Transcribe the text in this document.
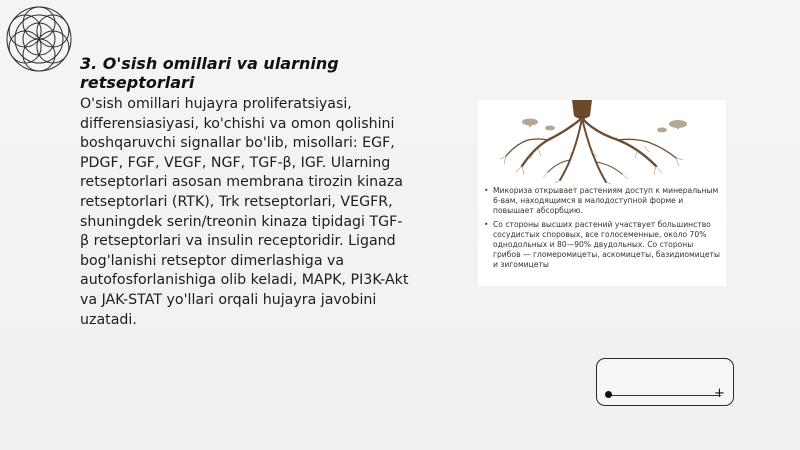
3. O'sish omillari va ularning retseptorlari

O'sish omillari hujayra proliferatsiyasi, differensiasiyasi, ko'chishi va omon qolishini boshqaruvchi signallar bo'lib, misollari: EGF, PDGF, FGF, VEGF, NGF, TGF-β, IGF. Ularning retseptorlari asosan membrana tirozin kinaza retseptorlari (RTK), Trk retseptorlari, VEGFR, shuningdek serin/treonin kinaza tipidagi TGF-β retseptorlari va insulin receptoridir. Ligand bog'lanishi retseptor dimerlashiga va autofosforlanishiga olib keladi, MAPK, PI3K-Akt va JAK-STAT yo'llari orqali hujayra javobini uzatadi.

• Микориза открывает растениям доступ к минеральным 6-вам, находящимся в малодоступной форме и повышает абсорбцию.
• Со стороны высших растений участвует большинство сосудистых споровых, все голосеменные, около 70% однодольных и 80—90% двудольных. Со стороны грибов — гломеромицеты, аскомицеты, базидиомицеты и зигомицеты
+
